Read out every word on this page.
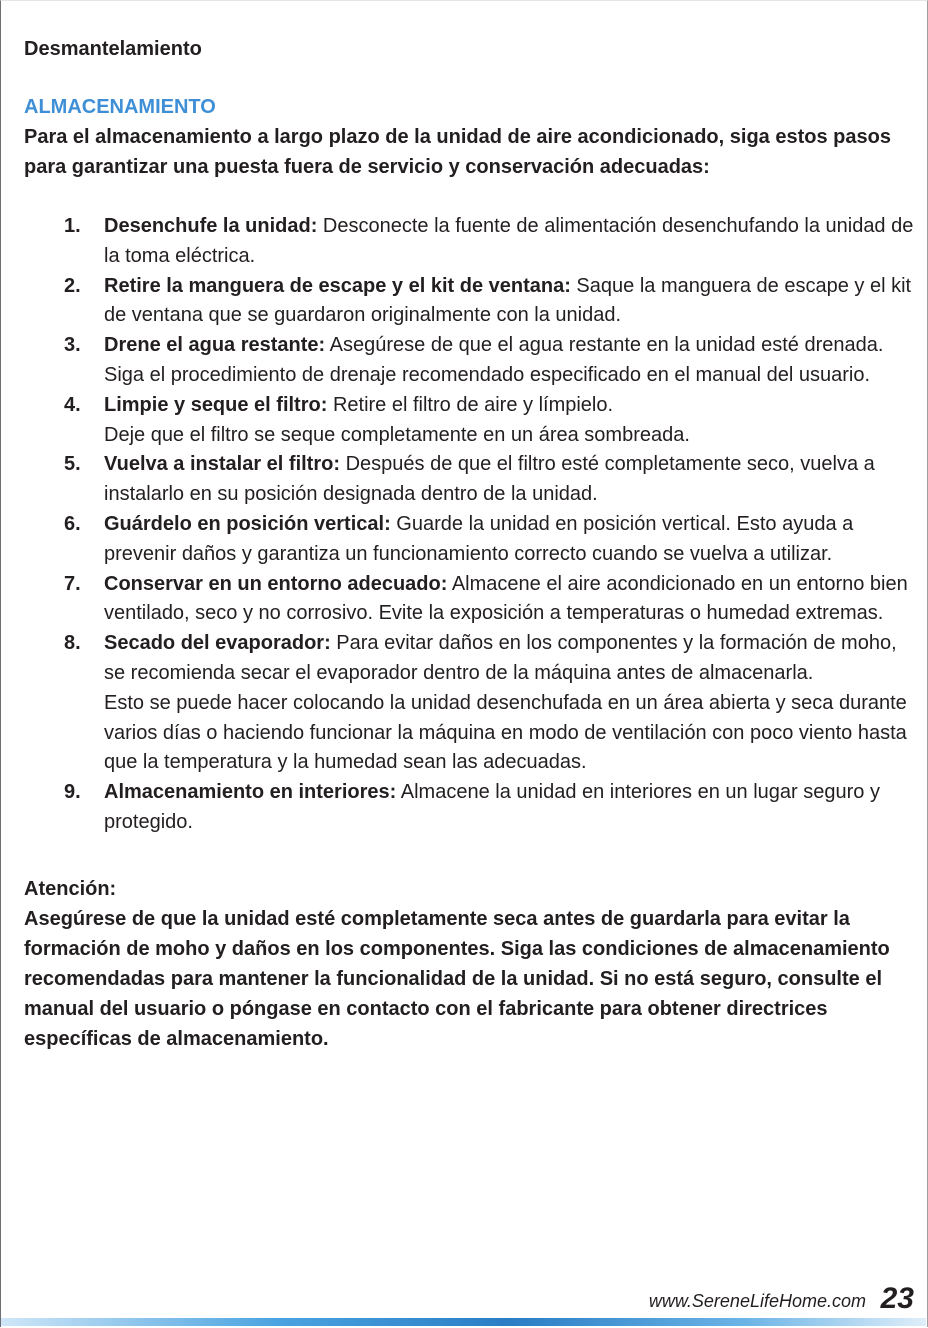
Desmantelamiento

ALMACENAMIENTO

Para el almacenamiento a largo plazo de la unidad de aire acondicionado, siga estos pasos para garantizar una puesta fuera de servicio y conservación adecuadas:

1. Desenchufe la unidad: Desconecte la fuente de alimentación desenchufando la unidad de la toma eléctrica.
2. Retire la manguera de escape y el kit de ventana: Saque la manguera de escape y el kit de ventana que se guardaron originalmente con la unidad.
3. Drene el agua restante: Asegúrese de que el agua restante en la unidad esté drenada. Siga el procedimiento de drenaje recomendado especificado en el manual del usuario.
4. Limpie y seque el filtro: Retire el filtro de aire y límpielo.
Deje que el filtro se seque completamente en un área sombreada.
5. Vuelva a instalar el filtro: Después de que el filtro esté completamente seco, vuelva a instalarlo en su posición designada dentro de la unidad.
6. Guárdelo en posición vertical: Guarde la unidad en posición vertical. Esto ayuda a prevenir daños y garantiza un funcionamiento correcto cuando se vuelva a utilizar.
7. Conservar en un entorno adecuado: Almacene el aire acondicionado en un entorno bien ventilado, seco y no corrosivo. Evite la exposición a temperaturas o humedad extremas.
8. Secado del evaporador: Para evitar daños en los componentes y la formación de moho, se recomienda secar el evaporador dentro de la máquina antes de almacenarla.
Esto se puede hacer colocando la unidad desenchufada en un área abierta y seca durante varios días o haciendo funcionar la máquina en modo de ventilación con poco viento hasta que la temperatura y la humedad sean las adecuadas.
9. Almacenamiento en interiores: Almacene la unidad en interiores en un lugar seguro y protegido.

Atención:

Asegúrese de que la unidad esté completamente seca antes de guardarla para evitar la formación de moho y daños en los componentes. Siga las condiciones de almacenamiento recomendadas para mantener la funcionalidad de la unidad. Si no está seguro, consulte el manual del usuario o póngase en contacto con el fabricante para obtener directrices específicas de almacenamiento.

www.SereneLifeHome.com 23
